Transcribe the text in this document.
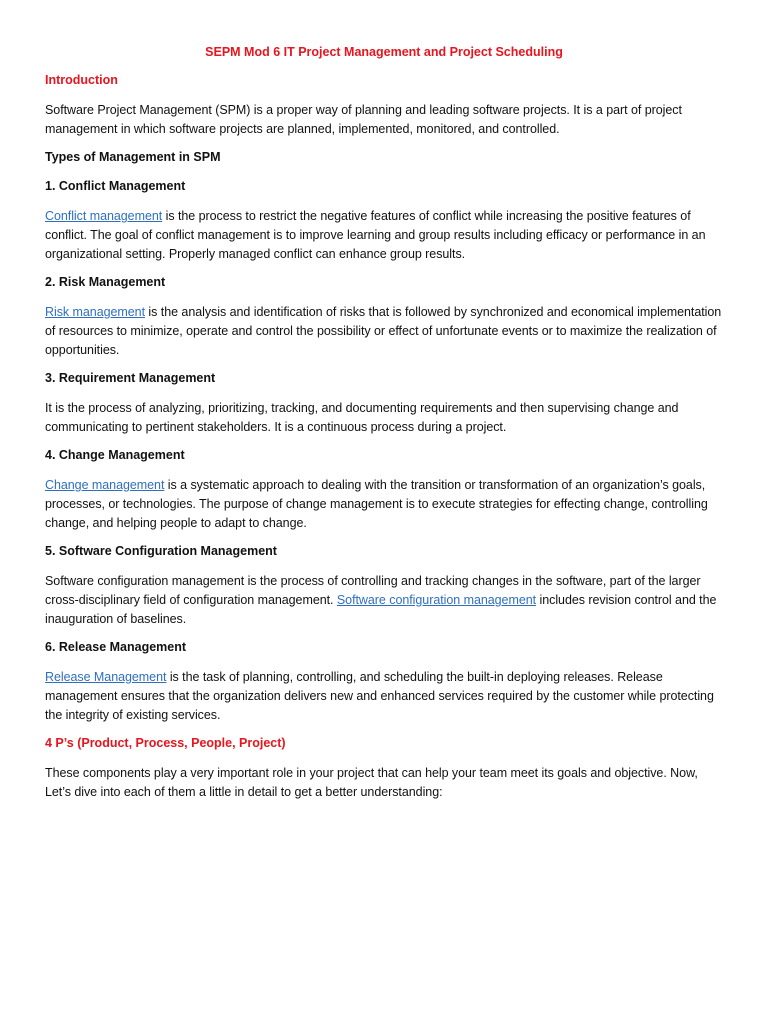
SEPM Mod 6 IT Project Management and Project Scheduling
Introduction

Software Project Management (SPM) is a proper way of planning and leading software projects. It is a part of project management in which software projects are planned, implemented, monitored, and controlled.

Types of Management in SPM
1. Conflict Management

Conflict management is the process to restrict the negative features of conflict while increasing the positive features of conflict. The goal of conflict management is to improve learning and group results including efficacy or performance in an organizational setting. Properly managed conflict can enhance group results.

2. Risk Management

Risk management is the analysis and identification of risks that is followed by synchronized and economical implementation of resources to minimize, operate and control the possibility or effect of unfortunate events or to maximize the realization of opportunities.

3. Requirement Management

It is the process of analyzing, prioritizing, tracking, and documenting requirements and then supervising change and communicating to pertinent stakeholders. It is a continuous process during a project.

4. Change Management

Change management is a systematic approach to dealing with the transition or transformation of an organization’s goals, processes, or technologies. The purpose of change management is to execute strategies for effecting change, controlling change, and helping people to adapt to change.

5. Software Configuration Management

Software configuration management is the process of controlling and tracking changes in the software, part of the larger cross-disciplinary field of configuration management. Software configuration management includes revision control and the inauguration of baselines.

6. Release Management

Release Management is the task of planning, controlling, and scheduling the built-in deploying releases. Release management ensures that the organization delivers new and enhanced services required by the customer while protecting the integrity of existing services.

4 P’s (Product, Process, People, Project)

These components play a very important role in your project that can help your team meet its goals and objective. Now, Let’s dive into each of them a little in detail to get a better understanding:
